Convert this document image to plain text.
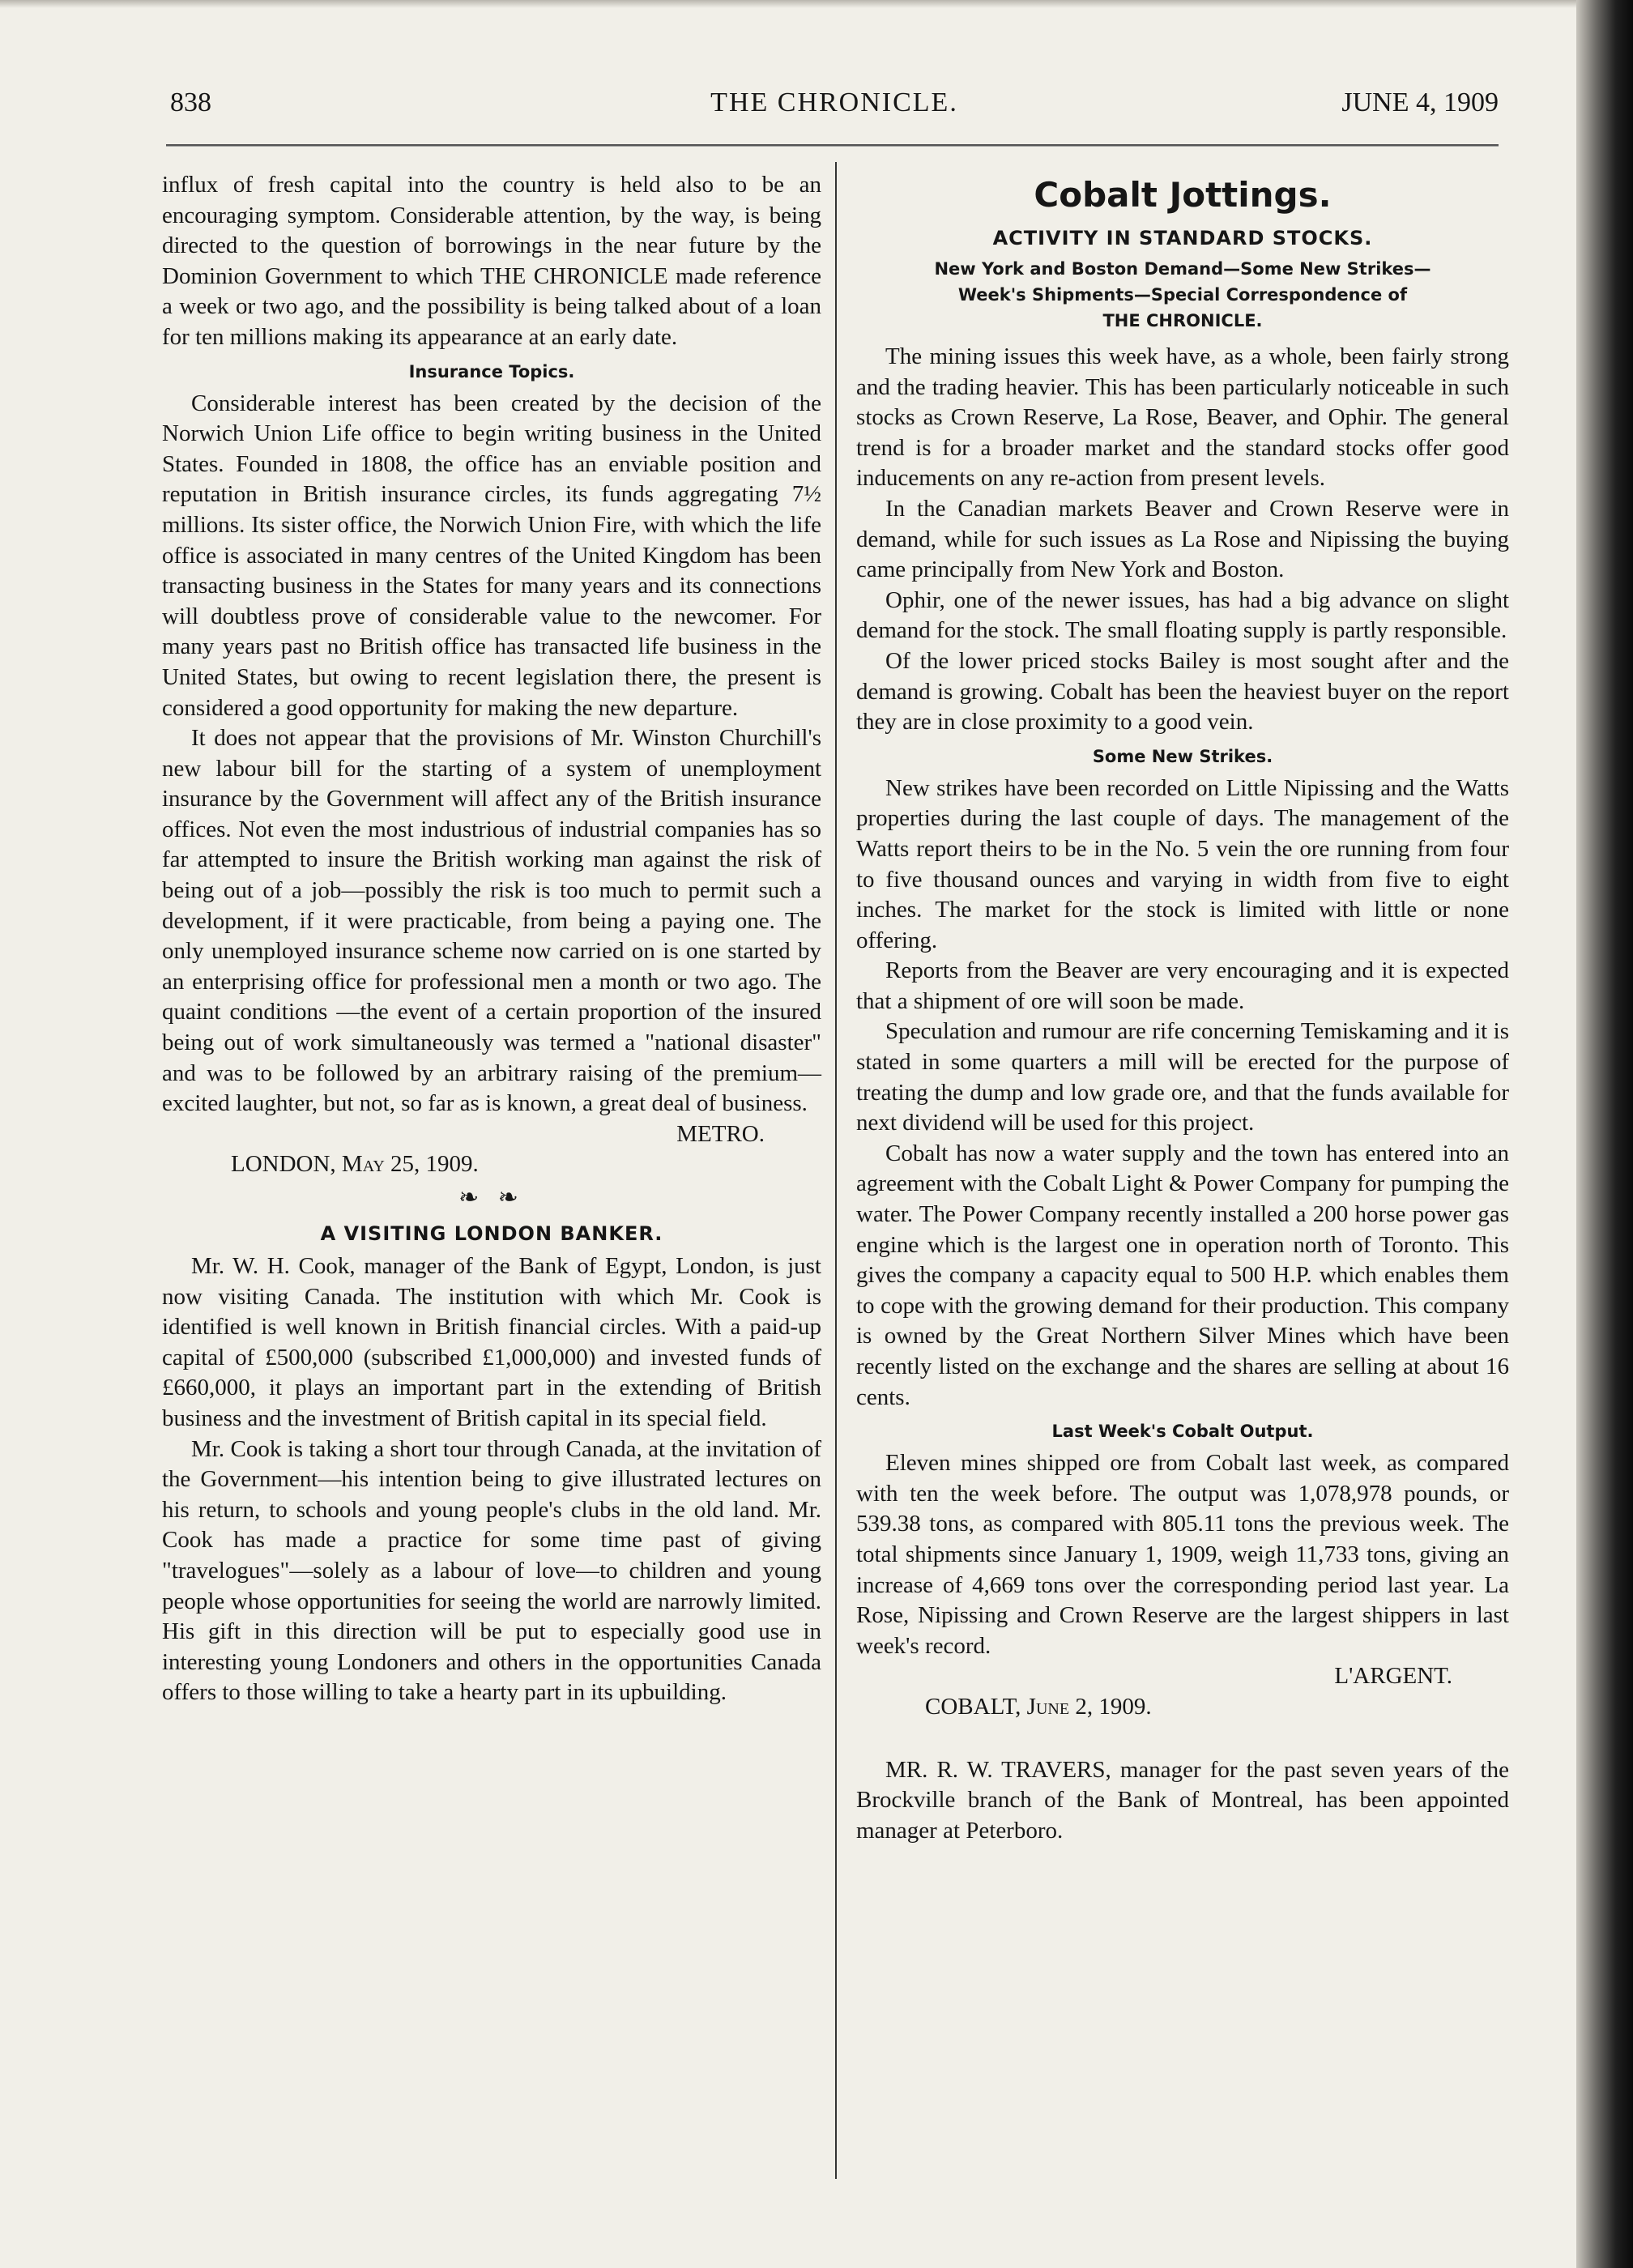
838	THE CHRONICLE.	JUNE 4, 1909

influx of fresh capital into the country is held also to be an encouraging symptom. Considerable attention, by the way, is being directed to the question of borrowings in the near future by the Dominion Government to which THE CHRONICLE made reference a week or two ago, and the possibility is being talked about of a loan for ten millions making its appearance at an early date.

Insurance Topics.

Considerable interest has been created by the decision of the Norwich Union Life office to begin writing business in the United States. Founded in 1808, the office has an enviable position and reputation in British insurance circles, its funds aggregating 7½ millions. Its sister office, the Norwich Union Fire, with which the life office is associated in many centres of the United Kingdom has been transacting business in the States for many years and its connections will doubtless prove of considerable value to the newcomer. For many years past no British office has transacted life business in the United States, but owing to recent legislation there, the present is considered a good opportunity for making the new departure.

It does not appear that the provisions of Mr. Winston Churchill's new labour bill for the starting of a system of unemployment insurance by the Government will affect any of the British insurance offices. Not even the most industrious of industrial companies has so far attempted to insure the British working man against the risk of being out of a job—possibly the risk is too much to permit such a development, if it were practicable, from being a paying one. The only unemployed insurance scheme now carried on is one started by an enterprising office for professional men a month or two ago. The quaint conditions —the event of a certain proportion of the insured being out of work simultaneously was termed a "national disaster" and was to be followed by an arbitrary raising of the premium—excited laughter, but not, so far as is known, a great deal of business.

METRO.
LONDON, May 25, 1909.
❧ ❧
A VISITING LONDON BANKER.

Mr. W. H. Cook, manager of the Bank of Egypt, London, is just now visiting Canada. The institution with which Mr. Cook is identified is well known in British financial circles. With a paid-up capital of £500,000 (subscribed £1,000,000) and invested funds of £660,000, it plays an important part in the extending of British business and the investment of British capital in its special field.

Mr. Cook is taking a short tour through Canada, at the invitation of the Government—his intention being to give illustrated lectures on his return, to schools and young people's clubs in the old land. Mr. Cook has made a practice for some time past of giving "travelogues"—solely as a labour of love—to children and young people whose opportunities for seeing the world are narrowly limited. His gift in this direction will be put to especially good use in interesting young Londoners and others in the opportunities Canada offers to those willing to take a hearty part in its upbuilding.

Cobalt Jottings.
ACTIVITY IN STANDARD STOCKS.
New York and Boston Demand—Some New Strikes—
Week's Shipments—Special Correspondence of
THE CHRONICLE.

The mining issues this week have, as a whole, been fairly strong and the trading heavier. This has been particularly noticeable in such stocks as Crown Reserve, La Rose, Beaver, and Ophir. The general trend is for a broader market and the standard stocks offer good inducements on any re-action from present levels.

In the Canadian markets Beaver and Crown Reserve were in demand, while for such issues as La Rose and Nipissing the buying came principally from New York and Boston.

Ophir, one of the newer issues, has had a big advance on slight demand for the stock. The small floating supply is partly responsible.

Of the lower priced stocks Bailey is most sought after and the demand is growing. Cobalt has been the heaviest buyer on the report they are in close proximity to a good vein.

Some New Strikes.

New strikes have been recorded on Little Nipissing and the Watts properties during the last couple of days. The management of the Watts report theirs to be in the No. 5 vein the ore running from four to five thousand ounces and varying in width from five to eight inches. The market for the stock is limited with little or none offering.

Reports from the Beaver are very encouraging and it is expected that a shipment of ore will soon be made.

Speculation and rumour are rife concerning Temiskaming and it is stated in some quarters a mill will be erected for the purpose of treating the dump and low grade ore, and that the funds available for next dividend will be used for this project.

Cobalt has now a water supply and the town has entered into an agreement with the Cobalt Light & Power Company for pumping the water. The Power Company recently installed a 200 horse power gas engine which is the largest one in operation north of Toronto. This gives the company a capacity equal to 500 H.P. which enables them to cope with the growing demand for their production. This company is owned by the Great Northern Silver Mines which have been recently listed on the exchange and the shares are selling at about 16 cents.

Last Week's Cobalt Output.

Eleven mines shipped ore from Cobalt last week, as compared with ten the week before. The output was 1,078,978 pounds, or 539.38 tons, as compared with 805.11 tons the previous week. The total shipments since January 1, 1909, weigh 11,733 tons, giving an increase of 4,669 tons over the corresponding period last year. La Rose, Nipissing and Crown Reserve are the largest shippers in last week's record.

L'ARGENT.
COBALT, June 2, 1909.

MR. R. W. TRAVERS, manager for the past seven years of the Brockville branch of the Bank of Montreal, has been appointed manager at Peterboro.
